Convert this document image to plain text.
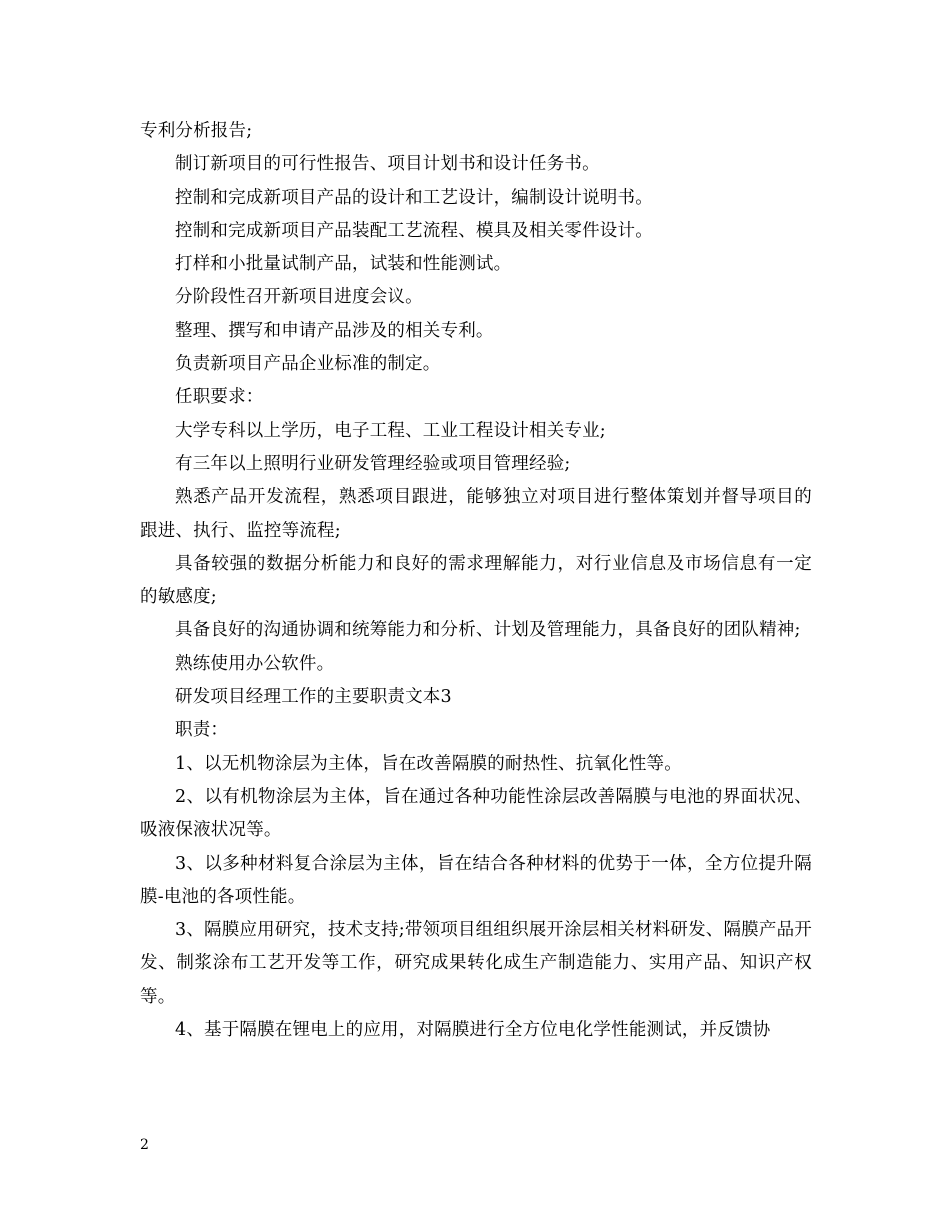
专利分析报告;

制订新项目的可行性报告、项目计划书和设计任务书。

控制和完成新项目产品的设计和工艺设计，编制设计说明书。

控制和完成新项目产品装配工艺流程、模具及相关零件设计。

打样和小批量试制产品，试装和性能测试。

分阶段性召开新项目进度会议。

整理、撰写和申请产品涉及的相关专利。

负责新项目产品企业标准的制定。

任职要求：

大学专科以上学历，电子工程、工业工程设计相关专业;

有三年以上照明行业研发管理经验或项目管理经验;

熟悉产品开发流程，熟悉项目跟进，能够独立对项目进行整体策划并督导项目的跟进、执行、监控等流程;

具备较强的数据分析能力和良好的需求理解能力，对行业信息及市场信息有一定的敏感度;

具备良好的沟通协调和统筹能力和分析、计划及管理能力，具备良好的团队精神;

熟练使用办公软件。

研发项目经理工作的主要职责文本3

职责：

1、以无机物涂层为主体，旨在改善隔膜的耐热性、抗氧化性等。

2、以有机物涂层为主体，旨在通过各种功能性涂层改善隔膜与电池的界面状况、吸液保液状况等。

3、以多种材料复合涂层为主体，旨在结合各种材料的优势于一体，全方位提升隔膜-电池的各项性能。

3、隔膜应用研究，技术支持;带领项目组组织展开涂层相关材料研发、隔膜产品开发、制浆涂布工艺开发等工作，研究成果转化成生产制造能力、实用产品、知识产权等。

4、基于隔膜在锂电上的应用，对隔膜进行全方位电化学性能测试，并反馈协

2
